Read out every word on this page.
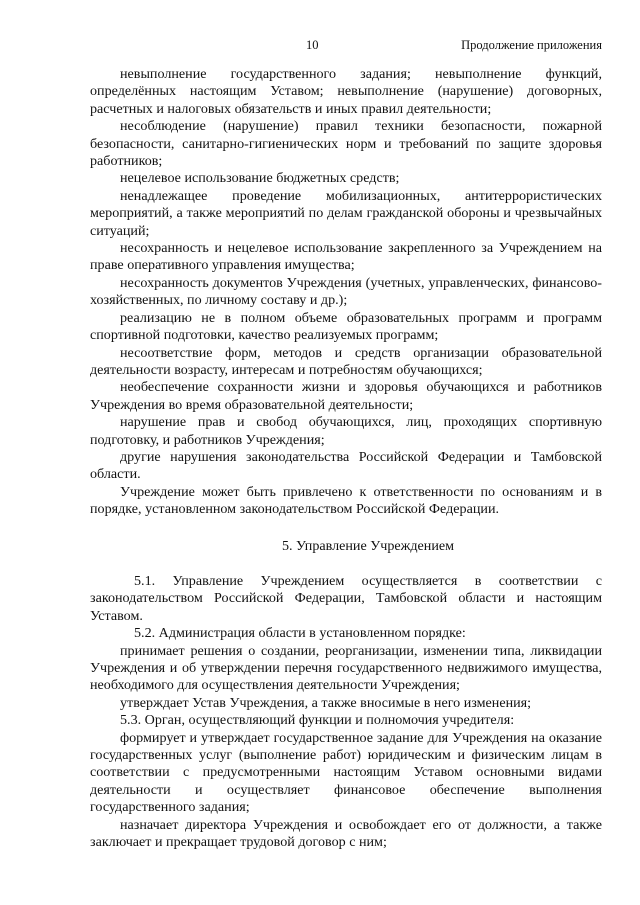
10	Продолжение приложения

невыполнение государственного задания; невыполнение функций, определённых настоящим Уставом; невыполнение (нарушение) договорных, расчетных и налоговых обязательств и иных правил деятельности;

несоблюдение (нарушение) правил техники безопасности, пожарной безопасности, санитарно-гигиенических норм и требований по защите здоровья работников;

нецелевое использование бюджетных средств;

ненадлежащее проведение мобилизационных, антитеррористических мероприятий, а также мероприятий по делам гражданской обороны и чрезвычайных ситуаций;

несохранность и нецелевое использование закрепленного за Учреждением на праве оперативного управления имущества;

несохранность документов Учреждения (учетных, управленческих, финансово-хозяйственных, по личному составу и др.);

реализацию не в полном объеме образовательных программ и программ спортивной подготовки, качество реализуемых программ;

несоответствие форм, методов и средств организации образовательной деятельности возрасту, интересам и потребностям обучающихся;

необеспечение сохранности жизни и здоровья обучающихся и работников Учреждения во время образовательной деятельности;

нарушение прав и свобод обучающихся, лиц, проходящих спортивную подготовку, и работников Учреждения;

другие нарушения законодательства Российской Федерации и Тамбовской области.

Учреждение может быть привлечено к ответственности по основаниям и в порядке, установленном законодательством Российской Федерации.

5. Управление Учреждением

5.1. Управление Учреждением осуществляется в соответствии с законодательством Российской Федерации, Тамбовской области и настоящим Уставом.

5.2. Администрация области в установленном порядке:

принимает решения о создании, реорганизации, изменении типа, ликвидации Учреждения и об утверждении перечня государственного недвижимого имущества, необходимого для осуществления деятельности Учреждения;

утверждает Устав Учреждения, а также вносимые в него изменения;

5.3. Орган, осуществляющий функции и полномочия учредителя:

формирует и утверждает государственное задание для Учреждения на оказание государственных услуг (выполнение работ) юридическим и физическим лицам в соответствии с предусмотренными настоящим Уставом основными видами деятельности и осуществляет финансовое обеспечение выполнения государственного задания;

назначает директора Учреждения и освобождает его от должности, а также заключает и прекращает трудовой договор с ним;
